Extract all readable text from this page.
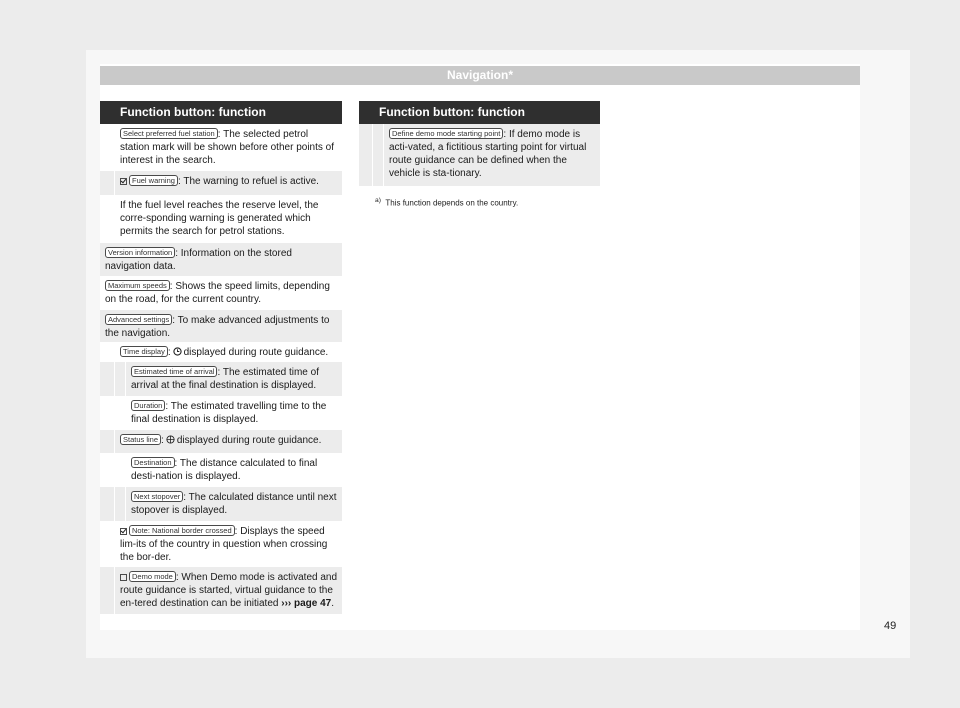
Navigation*
Function button: function
Select preferred fuel station : The selected petrol station mark will be shown before other points of interest in the search.
Fuel warning : The warning to refuel is active.
If the fuel level reaches the reserve level, the corre-sponding warning is generated which permits the search for petrol stations.
Version information : Information on the stored navigation data.
Maximum speeds : Shows the speed limits, depending on the road, for the current country.
Advanced settings : To make advanced adjustments to the navigation.
Time display : displayed during route guidance.
Estimated time of arrival : The estimated time of arrival at the final destination is displayed.
Duration : The estimated travelling time to the final destination is displayed.
Status line : displayed during route guidance.
Destination : The distance calculated to final desti-nation is displayed.
Next stopover : The calculated distance until next stopover is displayed.
Note: National border crossed : Displays the speed lim-its of the country in question when crossing the bor-der.
Demo mode : When Demo mode is activated and route guidance is started, virtual guidance to the en-tered destination can be initiated ››› page 47.
Function button: function
Define demo mode starting point : If demo mode is acti-vated, a fictitious starting point for virtual route guidance can be defined when the vehicle is sta-tionary.
$^{a)}$ This function depends on the country.
49
